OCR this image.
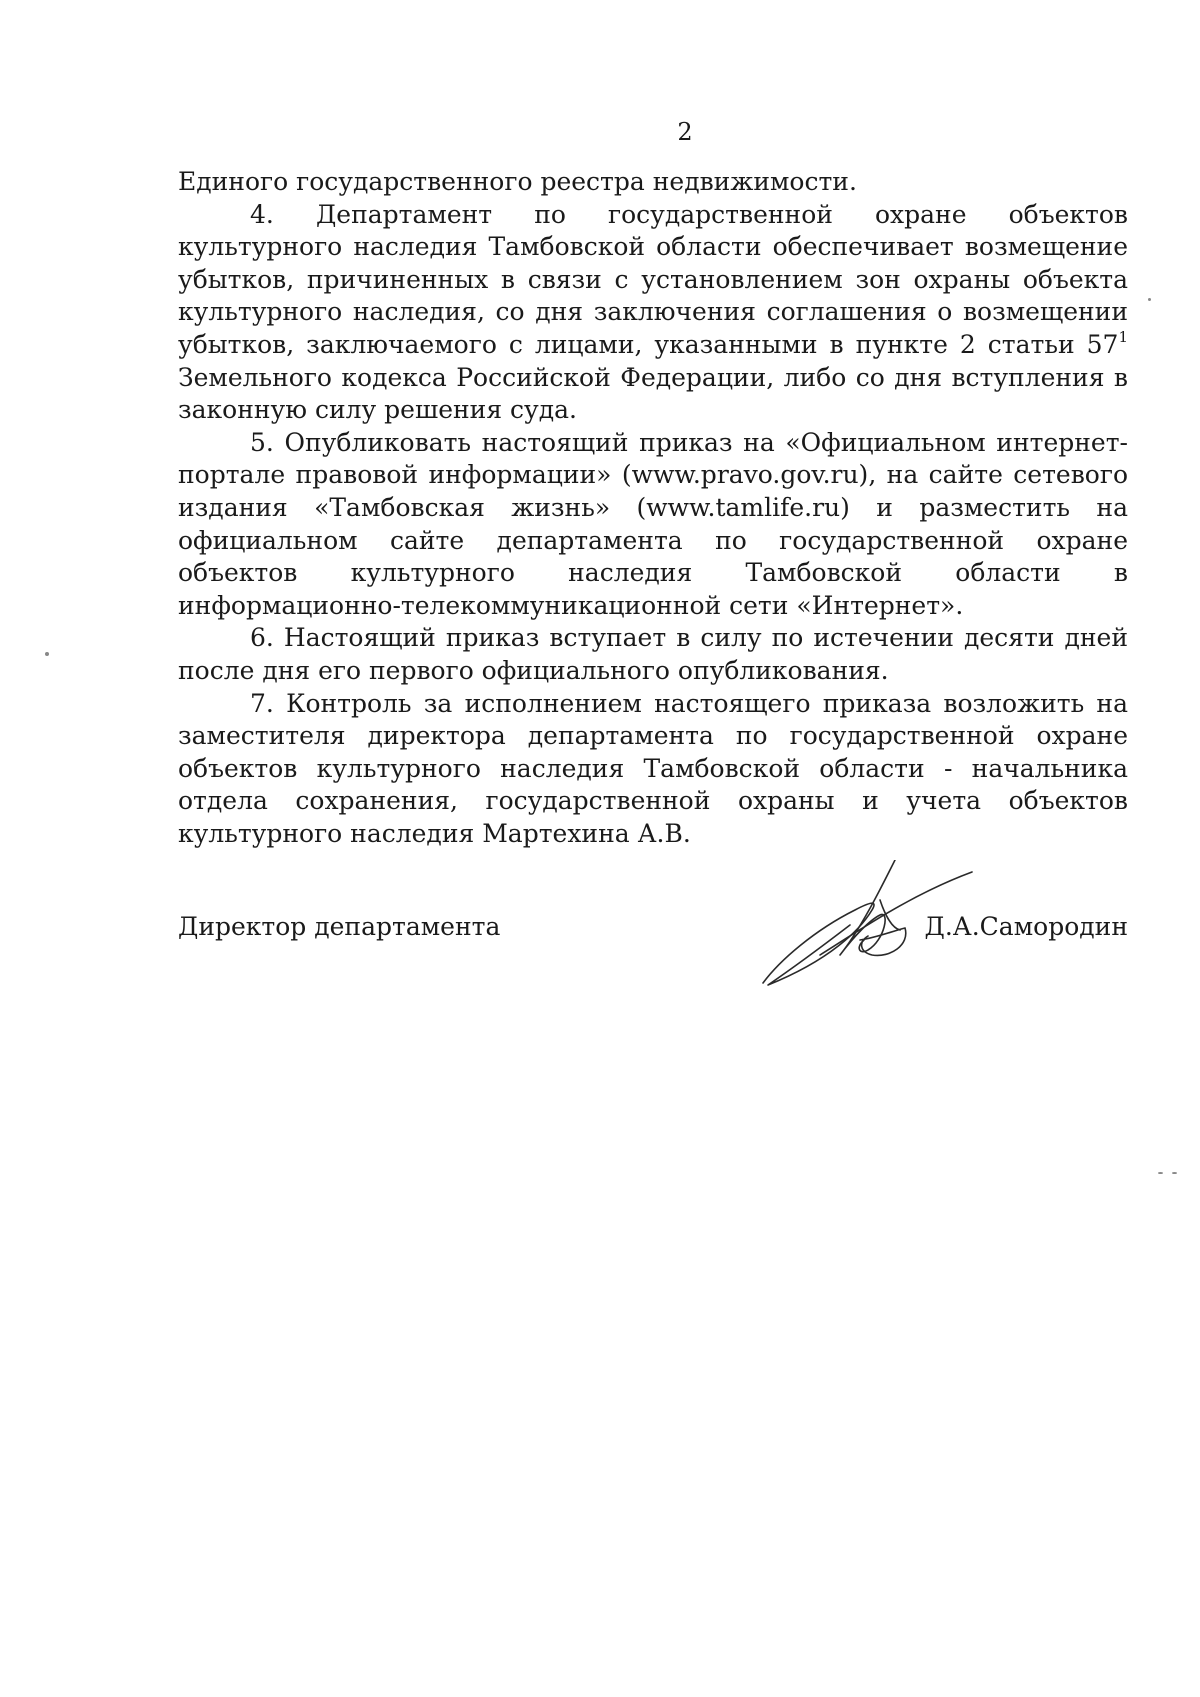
2

Единого государственного реестра недвижимости.

4. Департамент по государственной охране объектов культурного наследия Тамбовской области обеспечивает возмещение убытков, причиненных в связи с установлением зон охраны объекта культурного наследия, со дня заключения соглашения о возмещении убытков, заключаемого с лицами, указанными в пункте 2 статьи $57^1$ Земельного кодекса Российской Федерации, либо со дня вступления в законную силу решения суда.

5. Опубликовать настоящий приказ на «Официальном интернет-портале правовой информации» (www.pravo.gov.ru), на сайте сетевого издания «Тамбовская жизнь» (www.tamlife.ru) и разместить на официальном сайте департамента по государственной охране объектов культурного наследия Тамбовской области в информационно-телекоммуникационной сети «Интернет».

6. Настоящий приказ вступает в силу по истечении десяти дней после дня его первого официального опубликования.

7. Контроль за исполнением настоящего приказа возложить на заместителя директора департамента по государственной охране объектов культурного наследия Тамбовской области - начальника отдела сохранения, государственной охраны и учета объектов культурного наследия Мартехина А.В.

Директор департамента	Д.А.Самородин
